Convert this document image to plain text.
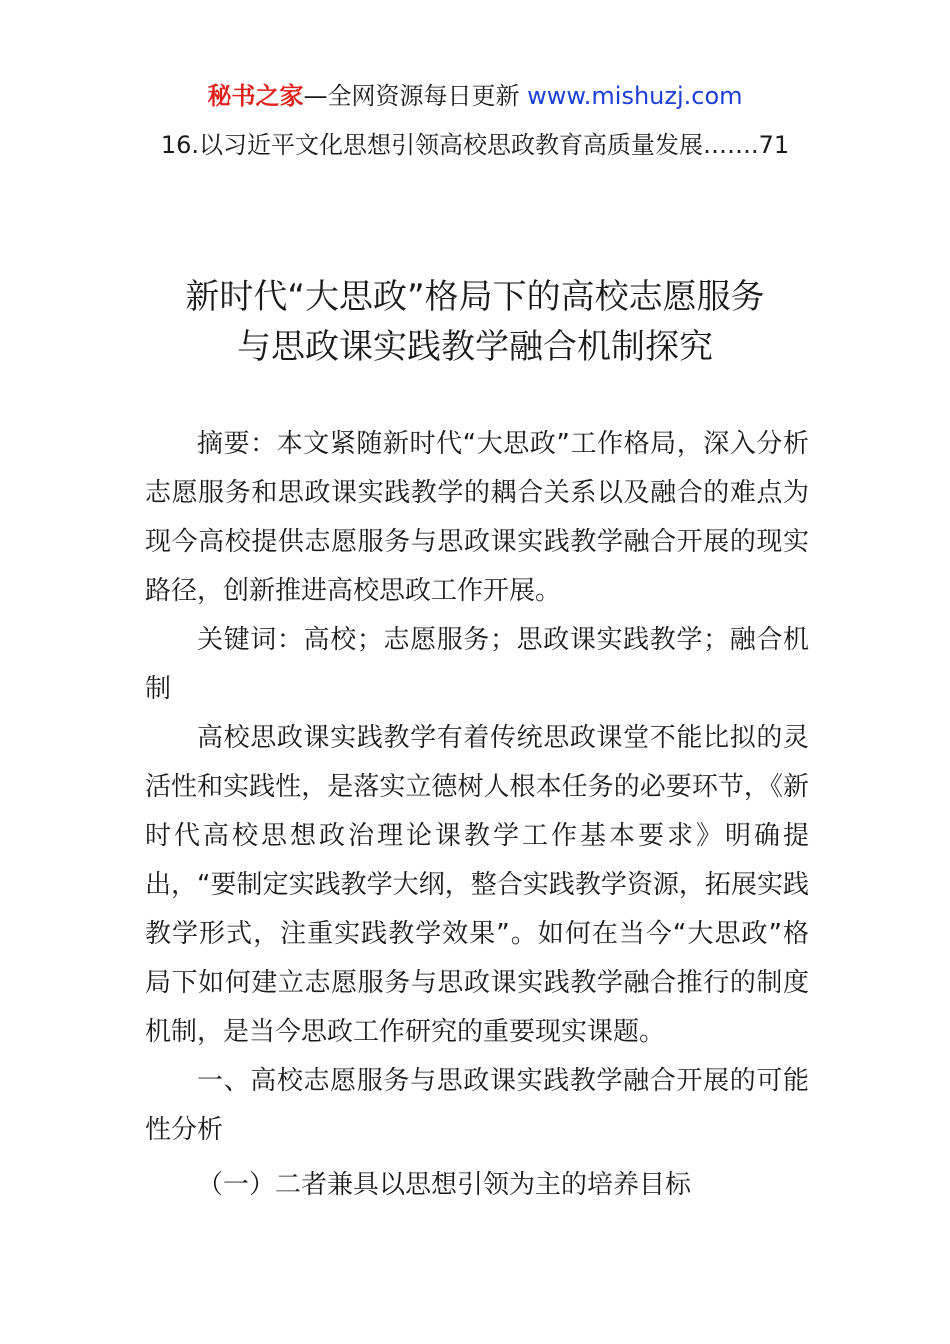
秘书之家—全网资源每日更新 www.mishuzj.com
16.以习近平文化思想引领高校思政教育高质量发展…….71
新时代“大思政”格局下的高校志愿服务
与思政课实践教学融合机制探究

摘要：本文紧随新时代“大思政”工作格局，深入分析志愿服务和思政课实践教学的耦合关系以及融合的难点为现今高校提供志愿服务与思政课实践教学融合开展的现实路径，创新推进高校思政工作开展。

关键词：高校；志愿服务；思政课实践教学；融合机制

高校思政课实践教学有着传统思政课堂不能比拟的灵活性和实践性，是落实立德树人根本任务的必要环节，《新时代高校思想政治理论课教学工作基本要求》明确提出，“要制定实践教学大纲，整合实践教学资源，拓展实践教学形式，注重实践教学效果”。如何在当今“大思政”格局下如何建立志愿服务与思政课实践教学融合推行的制度机制，是当今思政工作研究的重要现实课题。

一、高校志愿服务与思政课实践教学融合开展的可能性分析

（一）二者兼具以思想引领为主的培养目标
